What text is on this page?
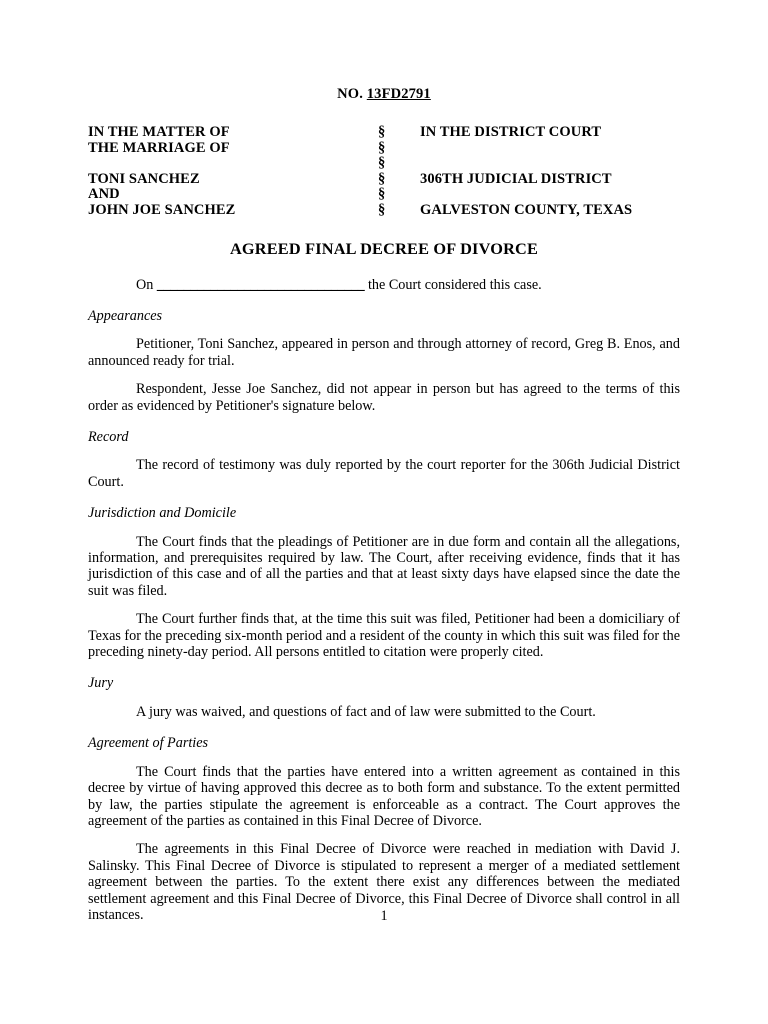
NO. 13FD2791
IN THE MATTER OF	§	IN THE DISTRICT COURT
THE MARRIAGE OF	§	
	§	
TONI SANCHEZ	§	306TH JUDICIAL DISTRICT
AND	§	
JOHN JOE SANCHEZ	§	GALVESTON COUNTY, TEXAS
AGREED FINAL DECREE OF DIVORCE

On _______________________________ the Court considered this case.

Appearances

Petitioner, Toni Sanchez, appeared in person and through attorney of record, Greg B. Enos, and announced ready for trial.

Respondent, Jesse Joe Sanchez, did not appear in person but has agreed to the terms of this order as evidenced by Petitioner's signature below.

Record

The record of testimony was duly reported by the court reporter for the 306th Judicial District Court.

Jurisdiction and Domicile

The Court finds that the pleadings of Petitioner are in due form and contain all the allegations, information, and prerequisites required by law. The Court, after receiving evidence, finds that it has jurisdiction of this case and of all the parties and that at least sixty days have elapsed since the date the suit was filed.

The Court further finds that, at the time this suit was filed, Petitioner had been a domiciliary of Texas for the preceding six-month period and a resident of the county in which this suit was filed for the preceding ninety-day period. All persons entitled to citation were properly cited.

Jury

A jury was waived, and questions of fact and of law were submitted to the Court.

Agreement of Parties

The Court finds that the parties have entered into a written agreement as contained in this decree by virtue of having approved this decree as to both form and substance. To the extent permitted by law, the parties stipulate the agreement is enforceable as a contract. The Court approves the agreement of the parties as contained in this Final Decree of Divorce.

The agreements in this Final Decree of Divorce were reached in mediation with David J. Salinsky. This Final Decree of Divorce is stipulated to represent a merger of a mediated settlement agreement between the parties. To the extent there exist any differences between the mediated settlement agreement and this Final Decree of Divorce, this Final Decree of Divorce shall control in all instances.	1
